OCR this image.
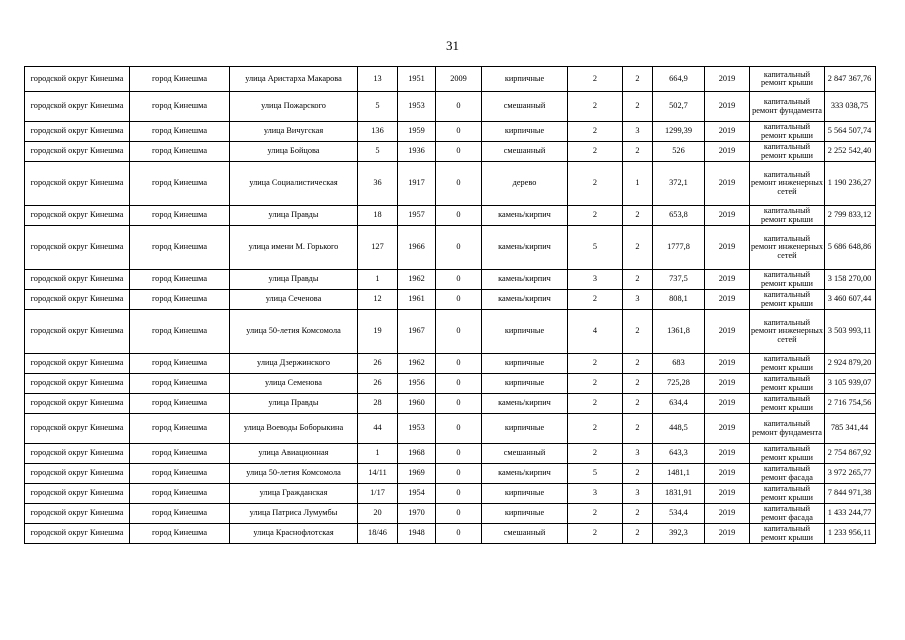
31
городской округ Кинешма	город Кинешма	улица Аристарха Макарова	13	1951	2009	кирпичные	2	2	664,9	2019	капитальный ремонт крыши	2 847 367,76
городской округ Кинешма	город Кинешма	улица Пожарского	5	1953	0	смешанный	2	2	502,7	2019	капитальный ремонт фундамента	333 038,75
городской округ Кинешма	город Кинешма	улица Вичугская	136	1959	0	кирпичные	2	3	1299,39	2019	капитальный ремонт крыши	5 564 507,74
городской округ Кинешма	город Кинешма	улица Бойцова	5	1936	0	смешанный	2	2	526	2019	капитальный ремонт крыши	2 252 542,40
городской округ Кинешма	город Кинешма	улица Социалистическая	36	1917	0	дерево	2	1	372,1	2019	капитальный ремонт инженерных сетей	1 190 236,27
городской округ Кинешма	город Кинешма	улица Правды	18	1957	0	камень/кирпич	2	2	653,8	2019	капитальный ремонт крыши	2 799 833,12
городской округ Кинешма	город Кинешма	улица имени М. Горького	127	1966	0	камень/кирпич	5	2	1777,8	2019	капитальный ремонт инженерных сетей	5 686 648,86
городской округ Кинешма	город Кинешма	улица Правды	1	1962	0	камень/кирпич	3	2	737,5	2019	капитальный ремонт крыши	3 158 270,00
городской округ Кинешма	город Кинешма	улица Сеченова	12	1961	0	камень/кирпич	2	3	808,1	2019	капитальный ремонт крыши	3 460 607,44
городской округ Кинешма	город Кинешма	улица 50-летия Комсомола	19	1967	0	кирпичные	4	2	1361,8	2019	капитальный ремонт инженерных сетей	3 503 993,11
городской округ Кинешма	город Кинешма	улица Дзержинского	26	1962	0	кирпичные	2	2	683	2019	капитальный ремонт крыши	2 924 879,20
городской округ Кинешма	город Кинешма	улица Семенова	26	1956	0	кирпичные	2	2	725,28	2019	капитальный ремонт крыши	3 105 939,07
городской округ Кинешма	город Кинешма	улица Правды	28	1960	0	камень/кирпич	2	2	634,4	2019	капитальный ремонт крыши	2 716 754,56
городской округ Кинешма	город Кинешма	улица Воеводы Боборыкина	44	1953	0	кирпичные	2	2	448,5	2019	капитальный ремонт фундамента	785 341,44
городской округ Кинешма	город Кинешма	улица Авиационная	1	1968	0	смешанный	2	3	643,3	2019	капитальный ремонт крыши	2 754 867,92
городской округ Кинешма	город Кинешма	улица 50-летия Комсомола	14/11	1969	0	камень/кирпич	5	2	1481,1	2019	капитальный ремонт фасада	3 972 265,77
городской округ Кинешма	город Кинешма	улица Гражданская	1/17	1954	0	кирпичные	3	3	1831,91	2019	капитальный ремонт крыши	7 844 971,38
городской округ Кинешма	город Кинешма	улица Патриса Лумумбы	20	1970	0	кирпичные	2	2	534,4	2019	капитальный ремонт фасада	1 433 244,77
городской округ Кинешма	город Кинешма	улица Краснофлотская	18/46	1948	0	смешанный	2	2	392,3	2019	капитальный ремонт крыши	1 233 956,11
